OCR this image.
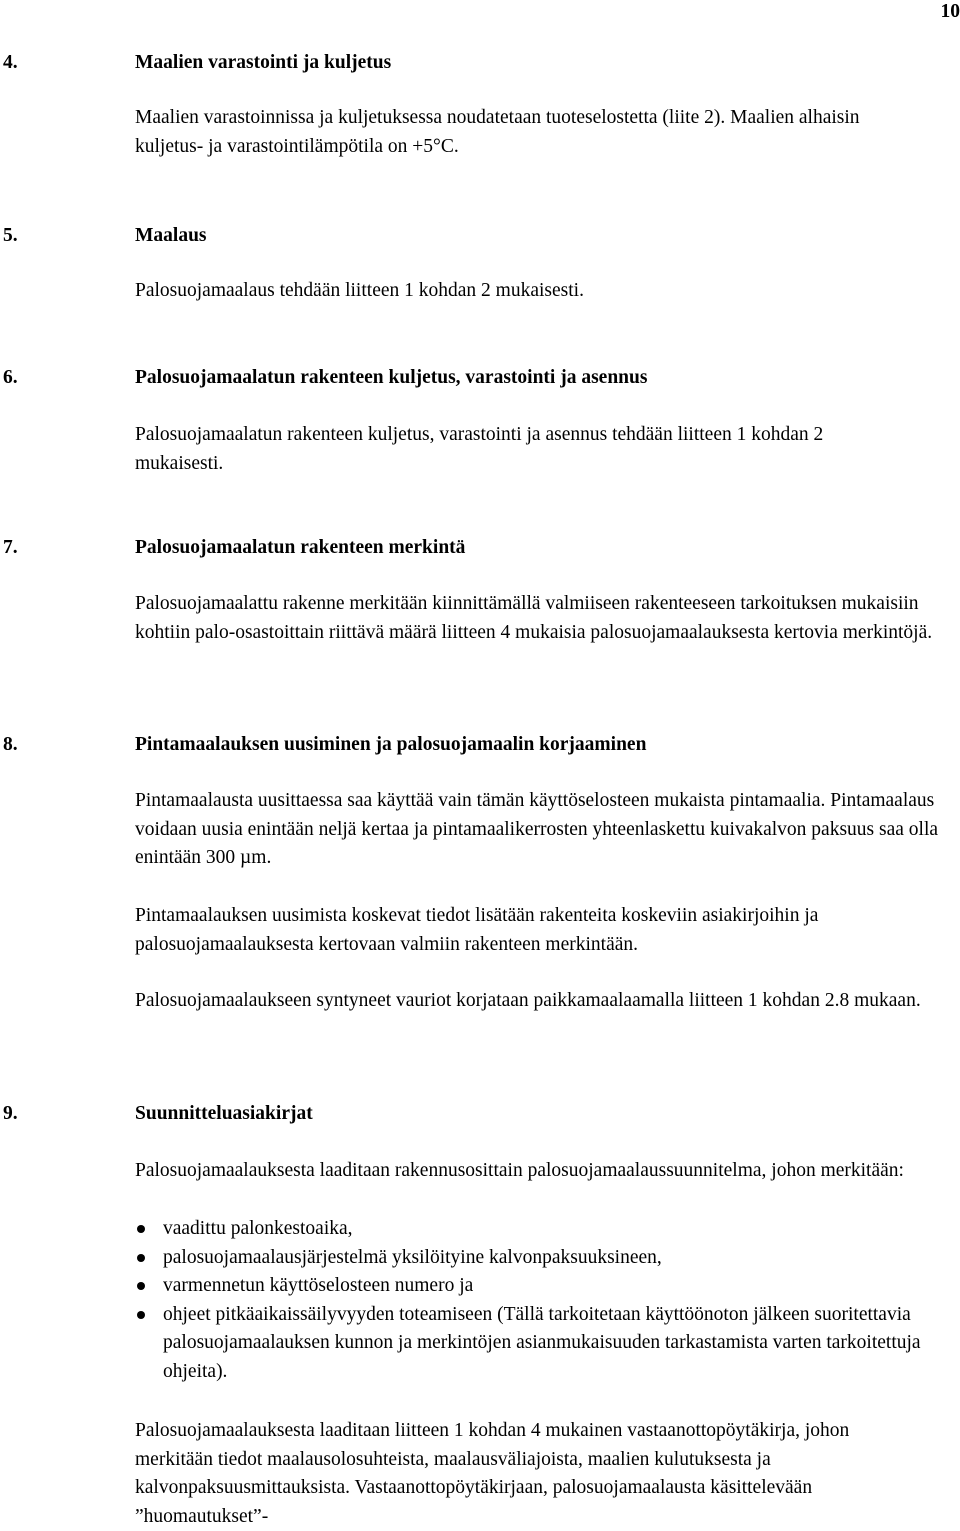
10
4.	Maalien varastointi ja kuljetus
Maalien varastoinnissa ja kuljetuksessa noudatetaan tuoteselostetta (liite 2). Maalien alhaisin kuljetus- ja varastointilämpötila on +5°C.
5.	Maalaus
Palosuojamaalaus tehdään liitteen 1 kohdan 2 mukaisesti.
6.	Palosuojamaalatun rakenteen kuljetus, varastointi ja asennus
Palosuojamaalatun rakenteen kuljetus, varastointi ja asennus tehdään liitteen 1 kohdan 2 mukaisesti.
7.	Palosuojamaalatun rakenteen merkintä
Palosuojamaalattu rakenne merkitään kiinnittämällä valmiiseen rakenteeseen tarkoituksen mukaisiin kohtiin palo-osastoittain riittävä määrä liitteen 4 mukaisia palosuojamaalauksesta kertovia merkintöjä.
8.	Pintamaalauksen uusiminen ja palosuojamaalin korjaaminen
Pintamaalausta uusittaessa saa käyttää vain tämän käyttöselosteen mukaista pintamaalia. Pintamaalaus voidaan uusia enintään neljä kertaa ja pintamaalikerrosten yhteenlaskettu kuivakalvon paksuus saa olla enintään 300 µm.
Pintamaalauksen uusimista koskevat tiedot lisätään rakenteita koskeviin asiakirjoihin ja palosuojamaalauksesta kertovaan valmiin rakenteen merkintään.
Palosuojamaalaukseen syntyneet vauriot korjataan paikkamaalaamalla liitteen 1 kohdan 2.8 mukaan.
9.	Suunnitteluasiakirjat
Palosuojamaalauksesta laaditaan rakennusosittain palosuojamaalaussuunnitelma, johon merkitään:
vaadittu palonkestoaika,
palosuojamaalausjärjestelmä yksilöityine kalvonpaksuuksineen,
varmennetun käyttöselosteen numero ja
ohjeet pitkäaikaissäilyvyyden toteamiseen (Tällä tarkoitetaan käyttöönoton jälkeen suoritettavia palosuojamaalauksen kunnon ja merkintöjen asianmukaisuuden tarkastamista varten tarkoitettuja ohjeita).
Palosuojamaalauksesta laaditaan liitteen 1 kohdan 4 mukainen vastaanottopöytäkirja, johon merkitään tiedot maalausolosuhteista, maalausväliajoista, maalien kulutuksesta ja kalvonpaksuusmittauksista. Vastaanottopöytäkirjaan, palosuojamaalausta käsittelevään ”huomautukset”-
